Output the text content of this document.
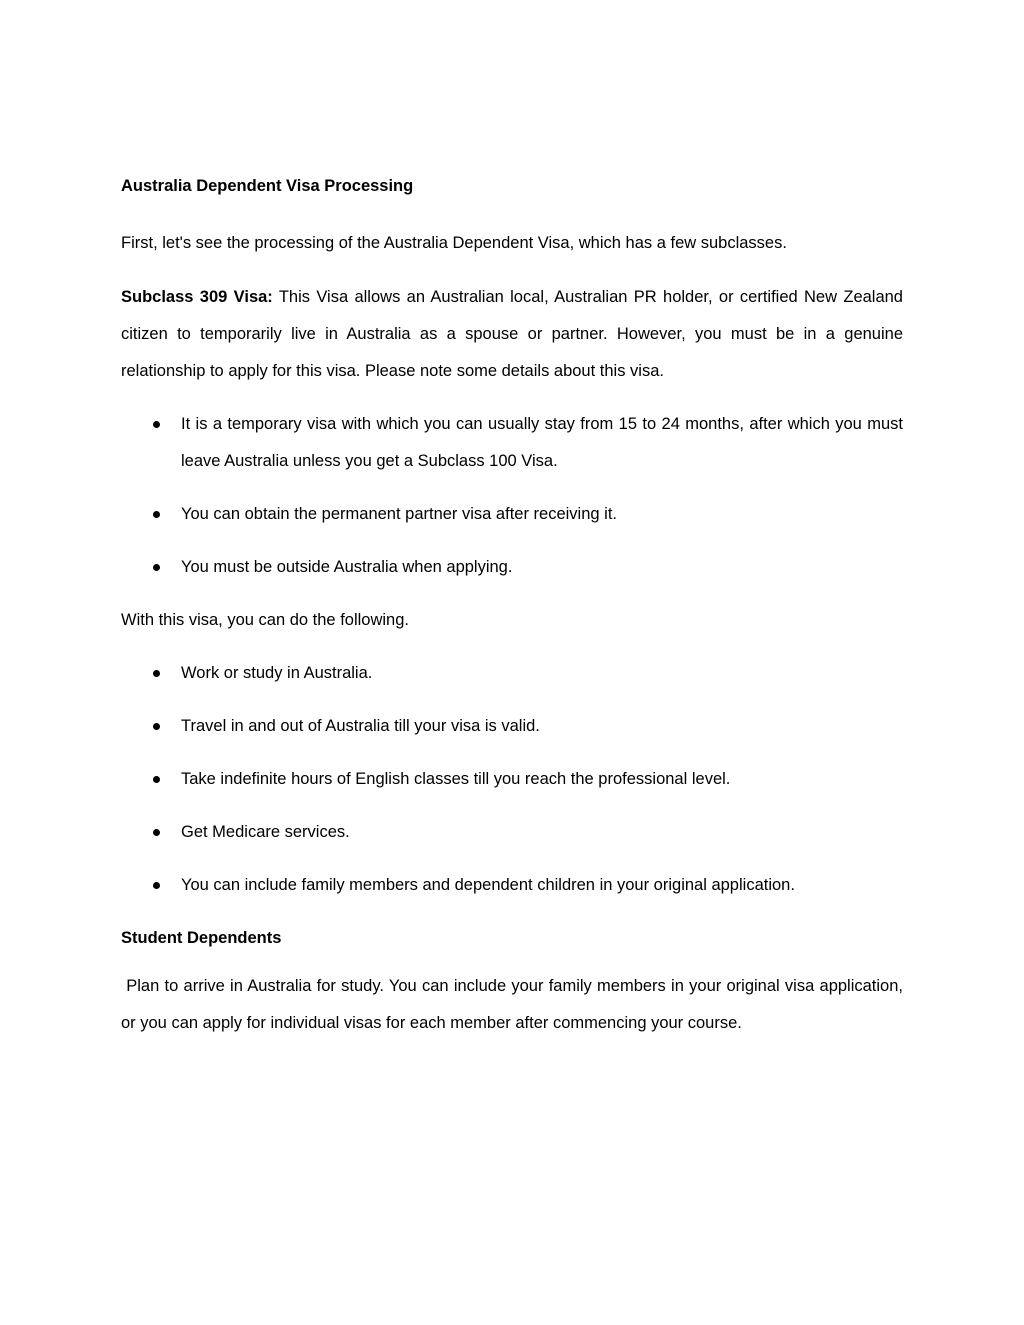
Australia Dependent Visa Processing

First, let's see the processing of the Australia Dependent Visa, which has a few subclasses.

Subclass 309 Visa: This Visa allows an Australian local, Australian PR holder, or certified New Zealand citizen to temporarily live in Australia as a spouse or partner. However, you must be in a genuine relationship to apply for this visa. Please note some details about this visa.

It is a temporary visa with which you can usually stay from 15 to 24 months, after which you must leave Australia unless you get a Subclass 100 Visa.
You can obtain the permanent partner visa after receiving it.
You must be outside Australia when applying.

With this visa, you can do the following.

Work or study in Australia.
Travel in and out of Australia till your visa is valid.
Take indefinite hours of English classes till you reach the professional level.
Get Medicare services.
You can include family members and dependent children in your original application.
Student Dependents

Plan to arrive in Australia for study. You can include your family members in your original visa application, or you can apply for individual visas for each member after commencing your course.
